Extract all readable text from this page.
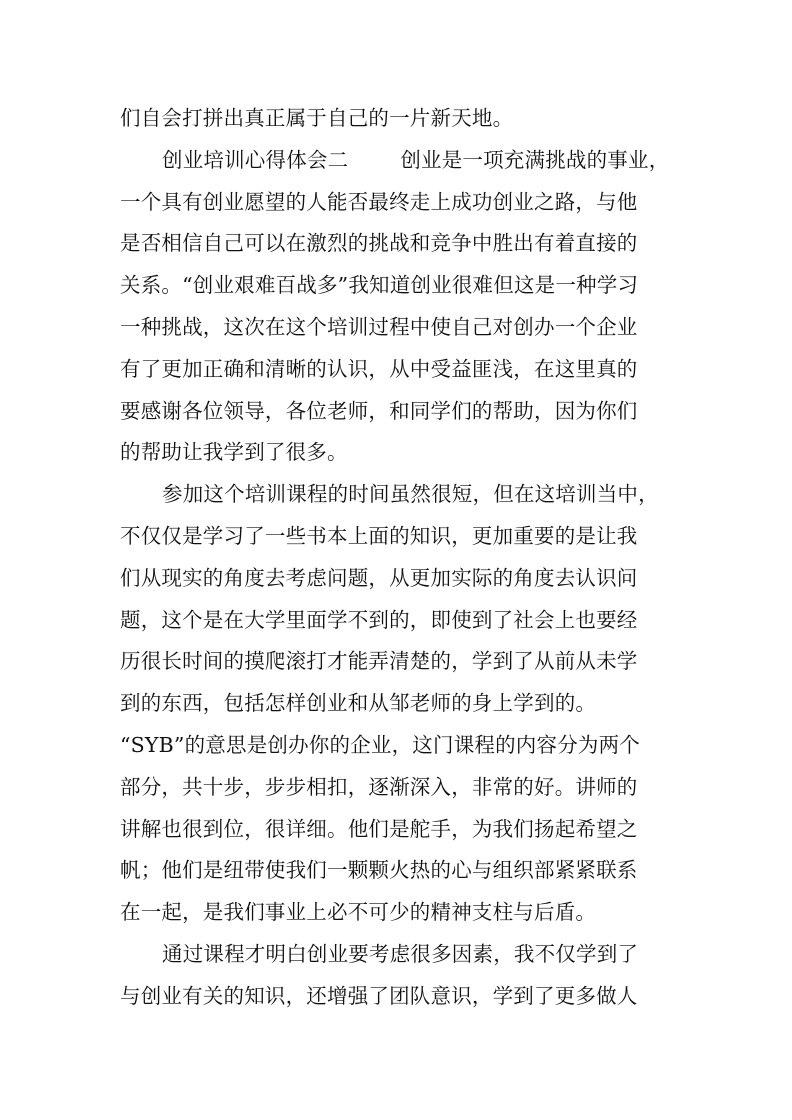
们自会打拼出真正属于自己的一片新天地。
创业培训心得体会二	创业是一项充满挑战的事业，
一个具有创业愿望的人能否最终走上成功创业之路，与他
是否相信自己可以在激烈的挑战和竞争中胜出有着直接的
关系。“创业艰难百战多”我知道创业很难但这是一种学习
一种挑战，这次在这个培训过程中使自己对创办一个企业
有了更加正确和清晰的认识，从中受益匪浅，在这里真的
要感谢各位领导，各位老师，和同学们的帮助，因为你们
的帮助让我学到了很多。
参加这个培训课程的时间虽然很短，但在这培训当中，
不仅仅是学习了一些书本上面的知识，更加重要的是让我
们从现实的角度去考虑问题，从更加实际的角度去认识问
题，这个是在大学里面学不到的，即使到了社会上也要经
历很长时间的摸爬滚打才能弄清楚的，学到了从前从未学
到的东西，包括怎样创业和从邹老师的身上学到的。
“SYB”的意思是创办你的企业，这门课程的内容分为两个
部分，共十步，步步相扣，逐渐深入，非常的好。讲师的
讲解也很到位，很详细。他们是舵手，为我们扬起希望之
帆；他们是纽带使我们一颗颗火热的心与组织部紧紧联系
在一起，是我们事业上必不可少的精神支柱与后盾。
通过课程才明白创业要考虑很多因素，我不仅学到了
与创业有关的知识，还增强了团队意识，学到了更多做人
